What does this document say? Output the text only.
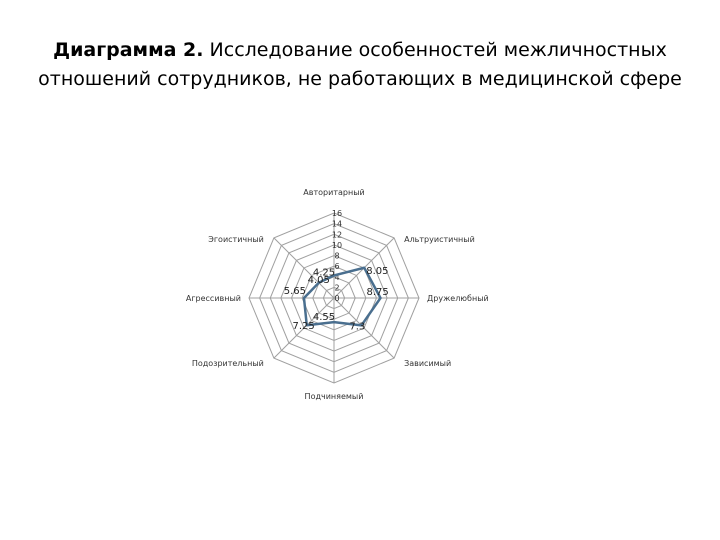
Диаграмма 2. Исследование особенностей межличностных отношений сотрудников, не работающих в медицинской сфере
0
2
4
6
8
10
12
14
16
Авторитарный
Альтруистичный
Дружелюбный
Зависимый
Подчиняемый
Подозрительный
Агрессивный
Эгоистичный
4.25	8.05
8.75
7.3
4.55
7.25
5.65
4.05
